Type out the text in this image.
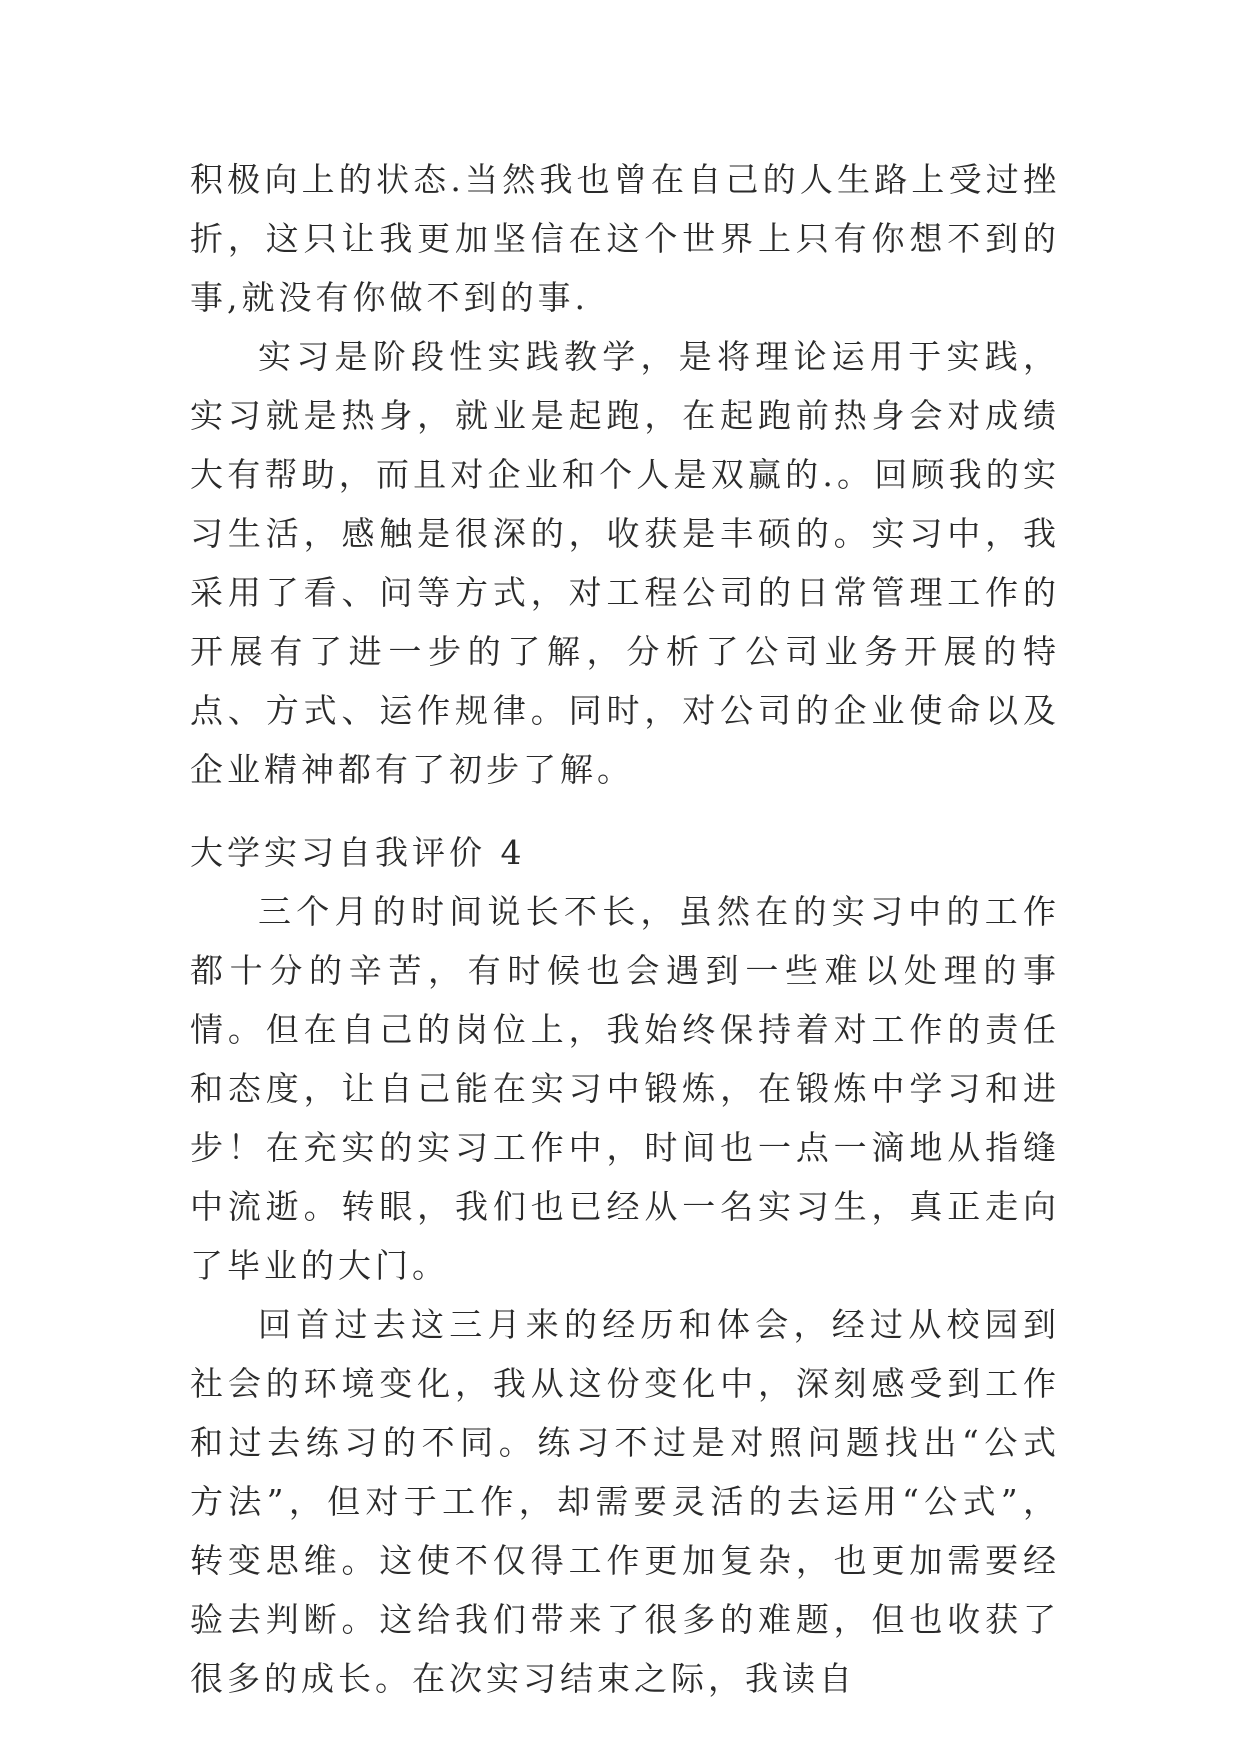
积极向上的状态.当然我也曾在自己的人生路上受过挫折，这只让我更加坚信在这个世界上只有你想不到的事,就没有你做不到的事.

实习是阶段性实践教学，是将理论运用于实践，实习就是热身，就业是起跑，在起跑前热身会对成绩大有帮助，而且对企业和个人是双赢的.。回顾我的实习生活，感触是很深的，收获是丰硕的。实习中，我采用了看、问等方式，对工程公司的日常管理工作的开展有了进一步的了解，分析了公司业务开展的特点、方式、运作规律。同时，对公司的企业使命以及企业精神都有了初步了解。

大学实习自我评价 4

三个月的时间说长不长，虽然在的实习中的工作都十分的辛苦，有时候也会遇到一些难以处理的事情。但在自己的岗位上，我始终保持着对工作的责任和态度，让自己能在实习中锻炼，在锻炼中学习和进步！在充实的实习工作中，时间也一点一滴地从指缝中流逝。转眼，我们也已经从一名实习生，真正走向了毕业的大门。

回首过去这三月来的经历和体会，经过从校园到社会的环境变化，我从这份变化中，深刻感受到工作和过去练习的不同。练习不过是对照问题找出“公式方法”，但对于工作，却需要灵活的去运用“公式”，转变思维。这使不仅得工作更加复杂，也更加需要经验去判断。这给我们带来了很多的难题，但也收获了很多的成长。在次实习结束之际，我读自
